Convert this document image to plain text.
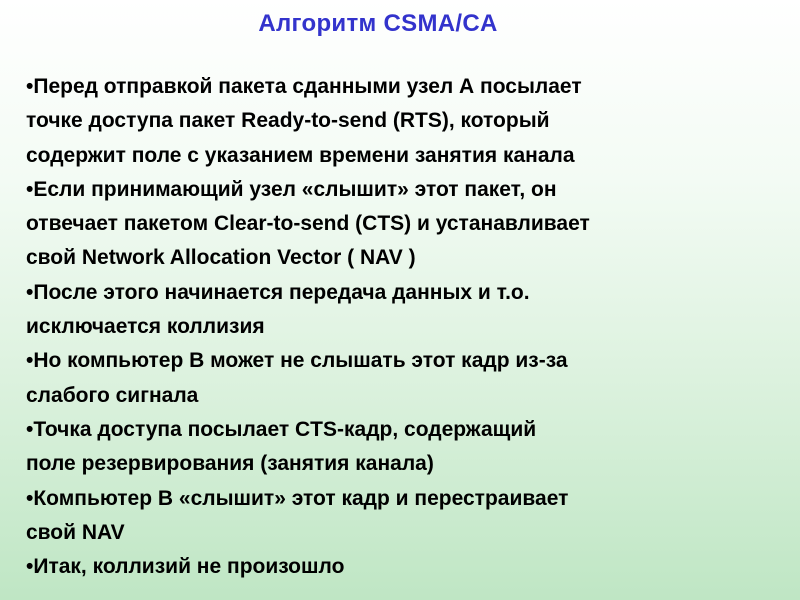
Алгоритм CSMA/CA
•Перед отправкой пакета сданными узел А посылает
точке доступа пакет Ready-to-send (RTS), который
содержит поле с указанием времени занятия канала
•Если принимающий узел «слышит» этот пакет, он
отвечает пакетом Clear-to-send (CTS) и устанавливает
свой Network Allocation Vector ( NAV )
•После этого начинается передача данных и т.о.
исключается коллизия
•Но компьютер В может не слышать этот кадр из-за
слабого сигнала
•Точка доступа посылает CTS-кадр, содержащий
поле резервирования (занятия канала)
•Компьютер В «слышит» этот кадр и перестраивает
свой NAV
•Итак, коллизий не произошло
